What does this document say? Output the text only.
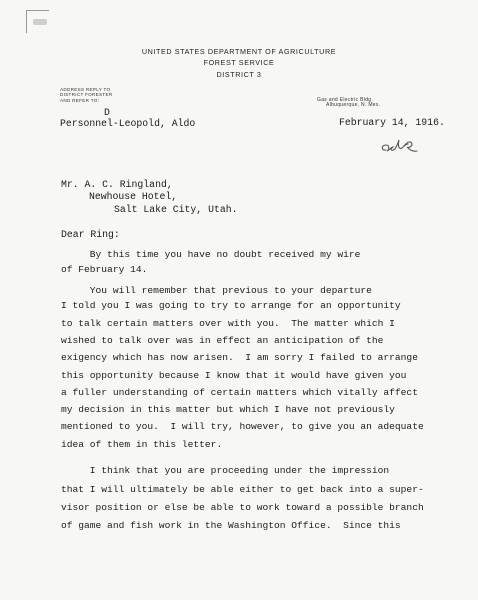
UNITED STATES DEPARTMENT OF AGRICULTURE
FOREST SERVICE
DISTRICT 3
ADDRESS REPLY TO
DISTRICT FORESTER
AND REFER TO:
D
Personnel-Leopold, Aldo
Gas and Electric Bldg.
Albuquerque, N. Mex.
February 14, 1916.
Mr. A. C. Ringland,
Newhouse Hotel,
Salt Lake City, Utah.
Dear Ring:
By this time you have no doubt received my wire
of February 14.
You will remember that previous to your departure
I told you I was going to try to arrange for an opportunity
to talk certain matters over with you.  The matter which I
wished to talk over was in effect an anticipation of the
exigency which has now arisen.  I am sorry I failed to arrange
this opportunity because I know that it would have given you
a fuller understanding of certain matters which vitally affect
my decision in this matter but which I have not previously
mentioned to you.  I will try, however, to give you an adequate
idea of them in this letter.
I think that you are proceeding under the impression
that I will ultimately be able either to get back into a super-
visor position or else be able to work toward a possible branch
of game and fish work in the Washington Office.  Since this
